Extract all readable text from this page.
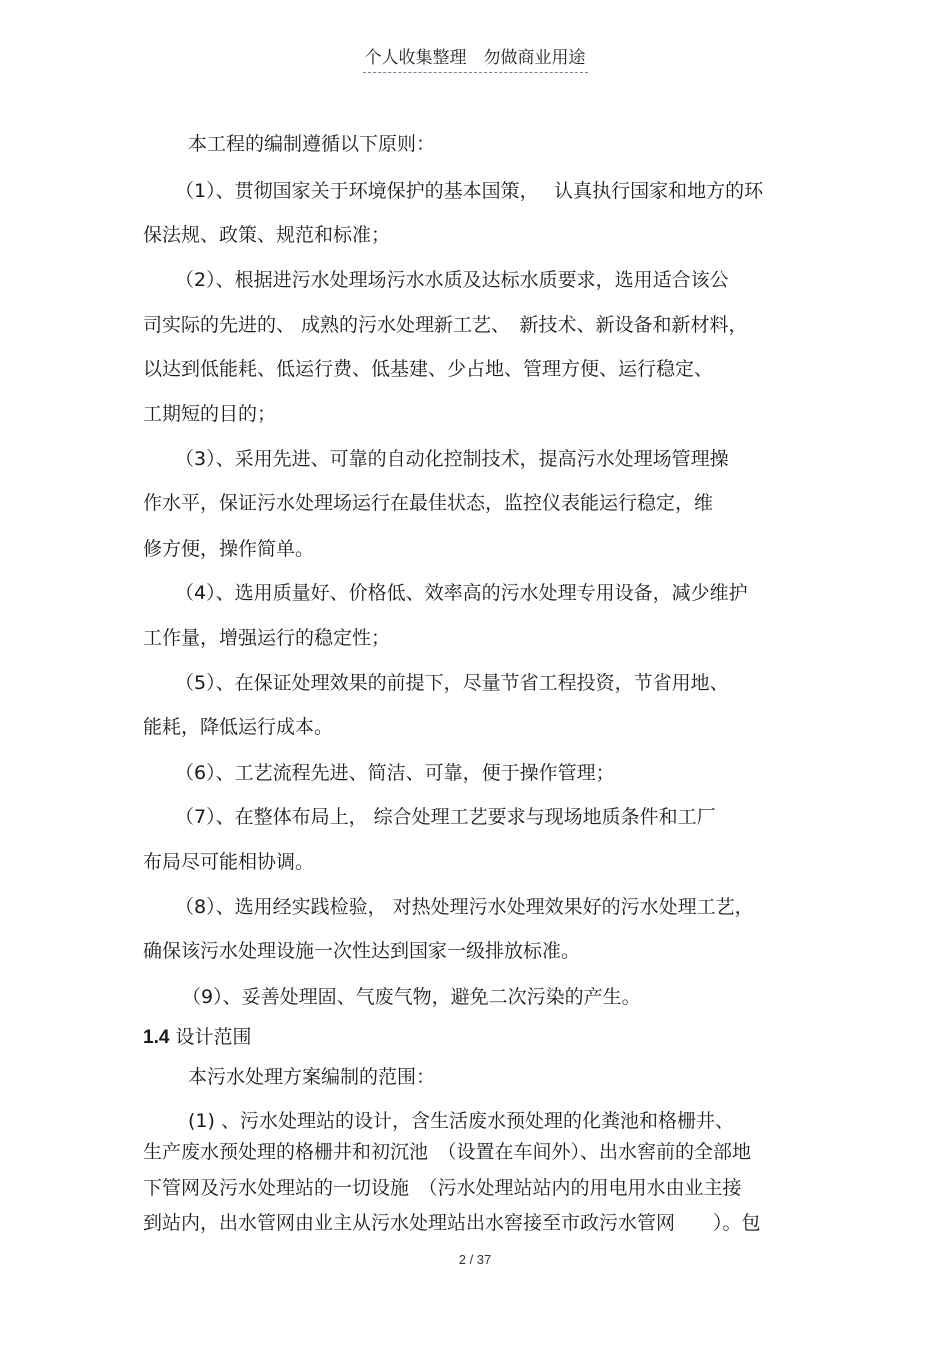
个人收集整理　勿做商业用途
本工程的编制遵循以下原则：
（1）、贯彻国家关于环境保护的基本国策，　 认真执行国家和地方的环
保法规、政策、规范和标准；
（2）、根据进污水处理场污水水质及达标水质要求，选用适合该公
司实际的先进的、 成熟的污水处理新工艺、　新技术、新设备和新材料，
以达到低能耗、低运行费、低基建、少占地、管理方便、运行稳定、
工期短的目的；
（3）、采用先进、可靠的自动化控制技术，提高污水处理场管理操
作水平，保证污水处理场运行在最佳状态，监控仪表能运行稳定，维
修方便，操作简单。
（4）、选用质量好、价格低、效率高的污水处理专用设备，减少维护
工作量，增强运行的稳定性；
（5）、在保证处理效果的前提下，尽量节省工程投资，节省用地、
能耗，降低运行成本。
（6）、工艺流程先进、简洁、可靠，便于操作管理；
（7）、在整体布局上， 综合处理工艺要求与现场地质条件和工厂
布局尽可能相协调。
（8）、选用经实践检验， 对热处理污水处理效果好的污水处理工艺，
确保该污水处理设施一次性达到国家一级排放标准。
（9）、妥善处理固、气废气物，避免二次污染的产生。
1.4 设计范围
本污水处理方案编制的范围：
(1) 、污水处理站的设计，含生活废水预处理的化粪池和格栅井、
生产废水预处理的格栅井和初沉池　（设置在车间外）、出水窖前的全部地
下管网及污水处理站的一切设施　（污水处理站站内的用电用水由业主接
到站内，出水管网由业主从污水处理站出水窖接至市政污水管网　　）。包
2 / 37
